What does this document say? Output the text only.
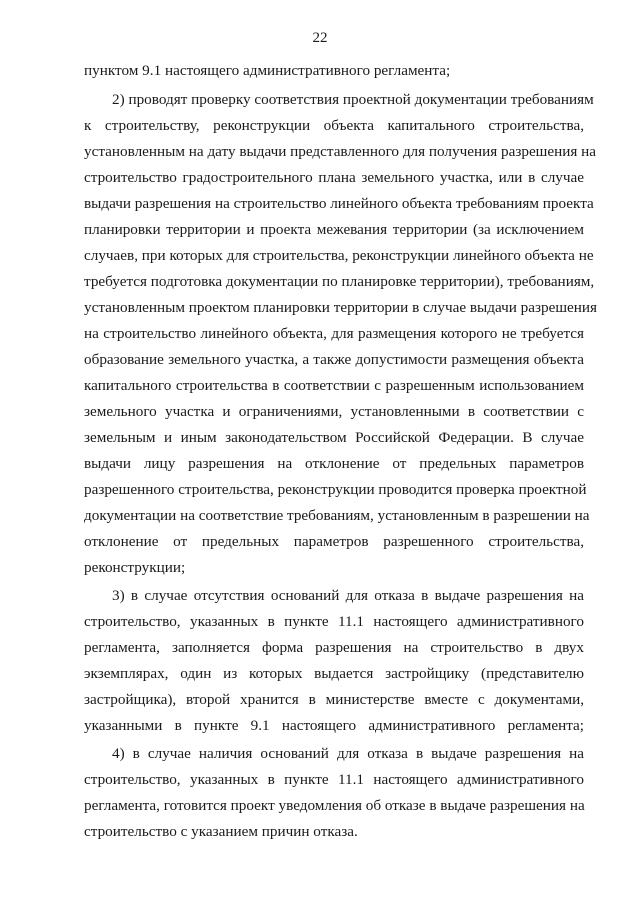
22
пунктом 9.1 настоящего административного регламента;
2) проводят проверку соответствия проектной документации требованиям
к строительству, реконструкции объекта капитального строительства,
установленным на дату выдачи представленного для получения разрешения на
строительство градостроительного плана земельного участка, или в случае
выдачи разрешения на строительство линейного объекта требованиям проекта
планировки территории и проекта межевания территории (за исключением
случаев, при которых для строительства, реконструкции линейного объекта не
требуется подготовка документации по планировке территории), требованиям,
установленным проектом планировки территории в случае выдачи разрешения
на строительство линейного объекта, для размещения которого не требуется
образование земельного участка, а также допустимости размещения объекта
капитального строительства в соответствии с разрешенным использованием
земельного участка и ограничениями, установленными в соответствии с
земельным и иным законодательством Российской Федерации. В случае
выдачи лицу разрешения на отклонение от предельных параметров
разрешенного строительства, реконструкции проводится проверка проектной
документации на соответствие требованиям, установленным в разрешении на
отклонение от предельных параметров разрешенного строительства,
реконструкции;
3) в случае отсутствия оснований для отказа в выдаче разрешения на
строительство, указанных в пункте 11.1 настоящего административного
регламента, заполняется форма разрешения на строительство в двух
экземплярах, один из которых выдается застройщику (представителю
застройщика), второй хранится в министерстве вместе с документами,
указанными в пункте 9.1 настоящего административного регламента;
4) в случае наличия оснований для отказа в выдаче разрешения на
строительство, указанных в пункте 11.1 настоящего административного
регламента, готовится проект уведомления об отказе в выдаче разрешения на
строительство с указанием причин отказа.
